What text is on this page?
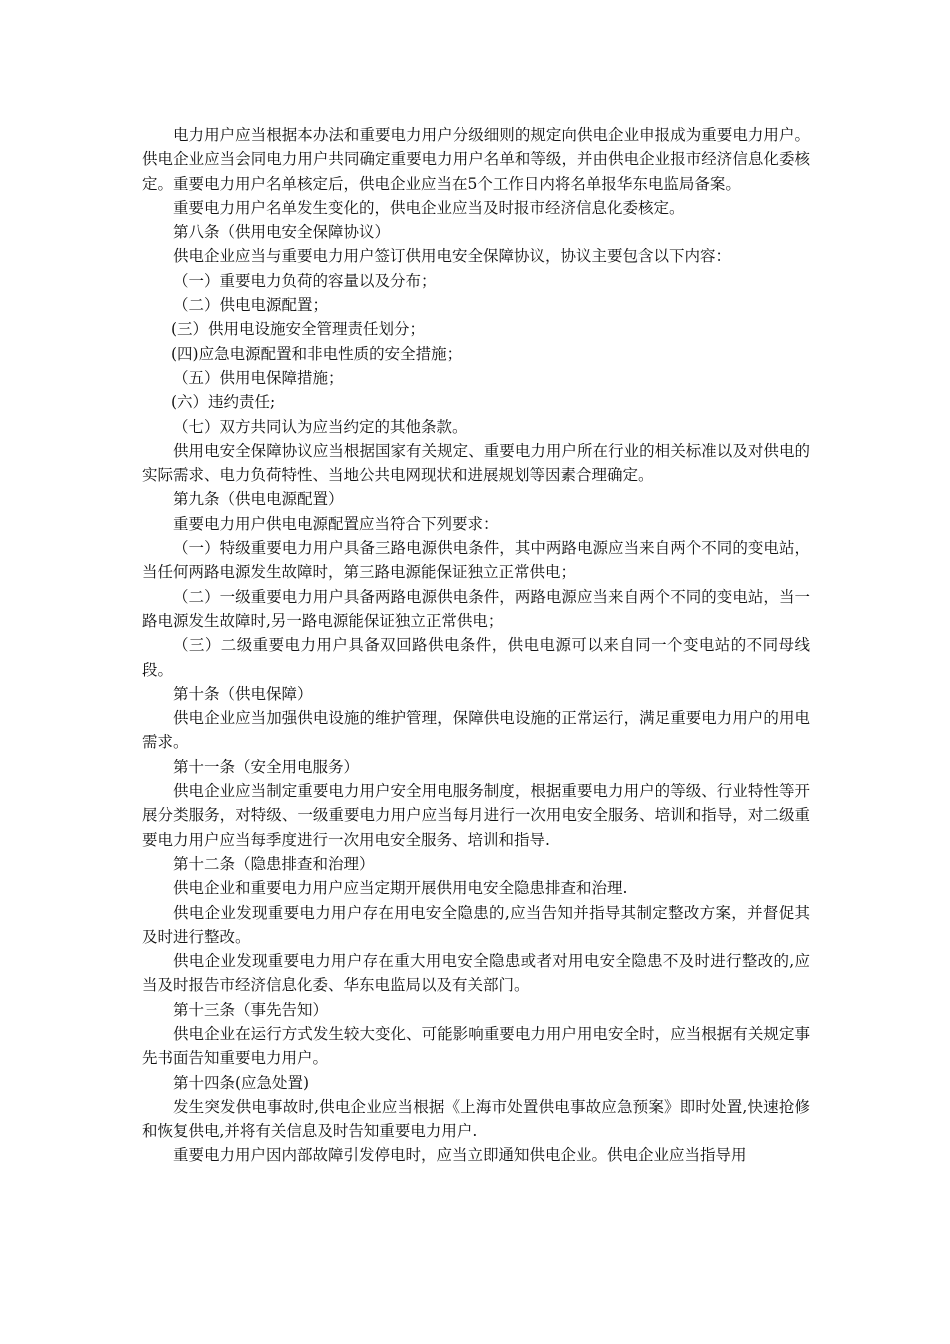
电力用户应当根据本办法和重要电力用户分级细则的规定向供电企业申报成为重要电力用户。供电企业应当会同电力用户共同确定重要电力用户名单和等级，并由供电企业报市经济信息化委核定。重要电力用户名单核定后，供电企业应当在5个工作日内将名单报华东电监局备案。

重要电力用户名单发生变化的，供电企业应当及时报市经济信息化委核定。

第八条（供用电安全保障协议）

供电企业应当与重要电力用户签订供用电安全保障协议，协议主要包含以下内容：

（一）重要电力负荷的容量以及分布；

（二）供电电源配置；

(三）供用电设施安全管理责任划分；

(四)应急电源配置和非电性质的安全措施；

（五）供用电保障措施；

(六）违约责任;

（七）双方共同认为应当约定的其他条款。

供用电安全保障协议应当根据国家有关规定、重要电力用户所在行业的相关标准以及对供电的实际需求、电力负荷特性、当地公共电网现状和进展规划等因素合理确定。

第九条（供电电源配置）

重要电力用户供电电源配置应当符合下列要求：

（一）特级重要电力用户具备三路电源供电条件，其中两路电源应当来自两个不同的变电站，当任何两路电源发生故障时，第三路电源能保证独立正常供电；

（二）一级重要电力用户具备两路电源供电条件，两路电源应当来自两个不同的变电站，当一路电源发生故障时,另一路电源能保证独立正常供电；

（三）二级重要电力用户具备双回路供电条件，供电电源可以来自同一个变电站的不同母线段。

第十条（供电保障）

供电企业应当加强供电设施的维护管理，保障供电设施的正常运行，满足重要电力用户的用电需求。

第十一条（安全用电服务）

供电企业应当制定重要电力用户安全用电服务制度，根据重要电力用户的等级、行业特性等开展分类服务，对特级、一级重要电力用户应当每月进行一次用电安全服务、培训和指导，对二级重要电力用户应当每季度进行一次用电安全服务、培训和指导.

第十二条（隐患排查和治理）

供电企业和重要电力用户应当定期开展供用电安全隐患排查和治理.

供电企业发现重要电力用户存在用电安全隐患的,应当告知并指导其制定整改方案，并督促其及时进行整改。

供电企业发现重要电力用户存在重大用电安全隐患或者对用电安全隐患不及时进行整改的,应当及时报告市经济信息化委、华东电监局以及有关部门。

第十三条（事先告知）

供电企业在运行方式发生较大变化、可能影响重要电力用户用电安全时，应当根据有关规定事先书面告知重要电力用户。

第十四条(应急处置)

发生突发供电事故时,供电企业应当根据《上海市处置供电事故应急预案》即时处置,快速抢修和恢复供电,并将有关信息及时告知重要电力用户.

重要电力用户因内部故障引发停电时，应当立即通知供电企业。供电企业应当指导用
